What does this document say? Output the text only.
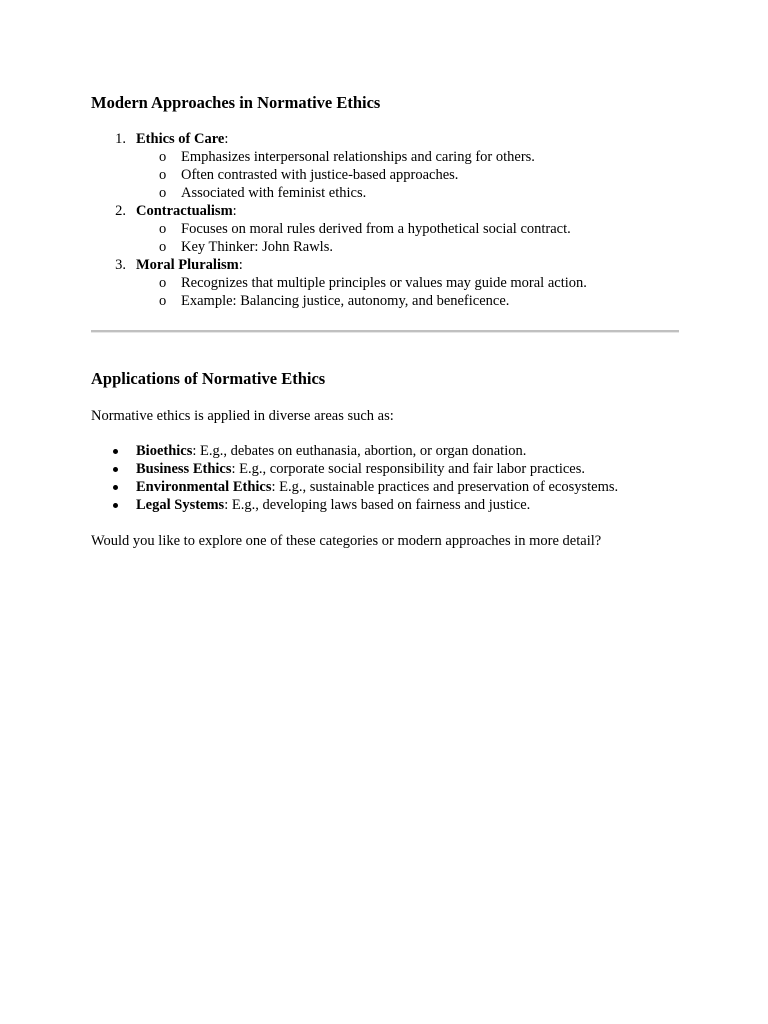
Modern Approaches in Normative Ethics
1. Ethics of Care:
o Emphasizes interpersonal relationships and caring for others.
o Often contrasted with justice-based approaches.
o Associated with feminist ethics.
2. Contractualism:
o Focuses on moral rules derived from a hypothetical social contract.
o Key Thinker: John Rawls.
3. Moral Pluralism:
o Recognizes that multiple principles or values may guide moral action.
o Example: Balancing justice, autonomy, and beneficence.
Applications of Normative Ethics

Normative ethics is applied in diverse areas such as:

Bioethics: E.g., debates on euthanasia, abortion, or organ donation.
Business Ethics: E.g., corporate social responsibility and fair labor practices.
Environmental Ethics: E.g., sustainable practices and preservation of ecosystems.
Legal Systems: E.g., developing laws based on fairness and justice.

Would you like to explore one of these categories or modern approaches in more detail?
